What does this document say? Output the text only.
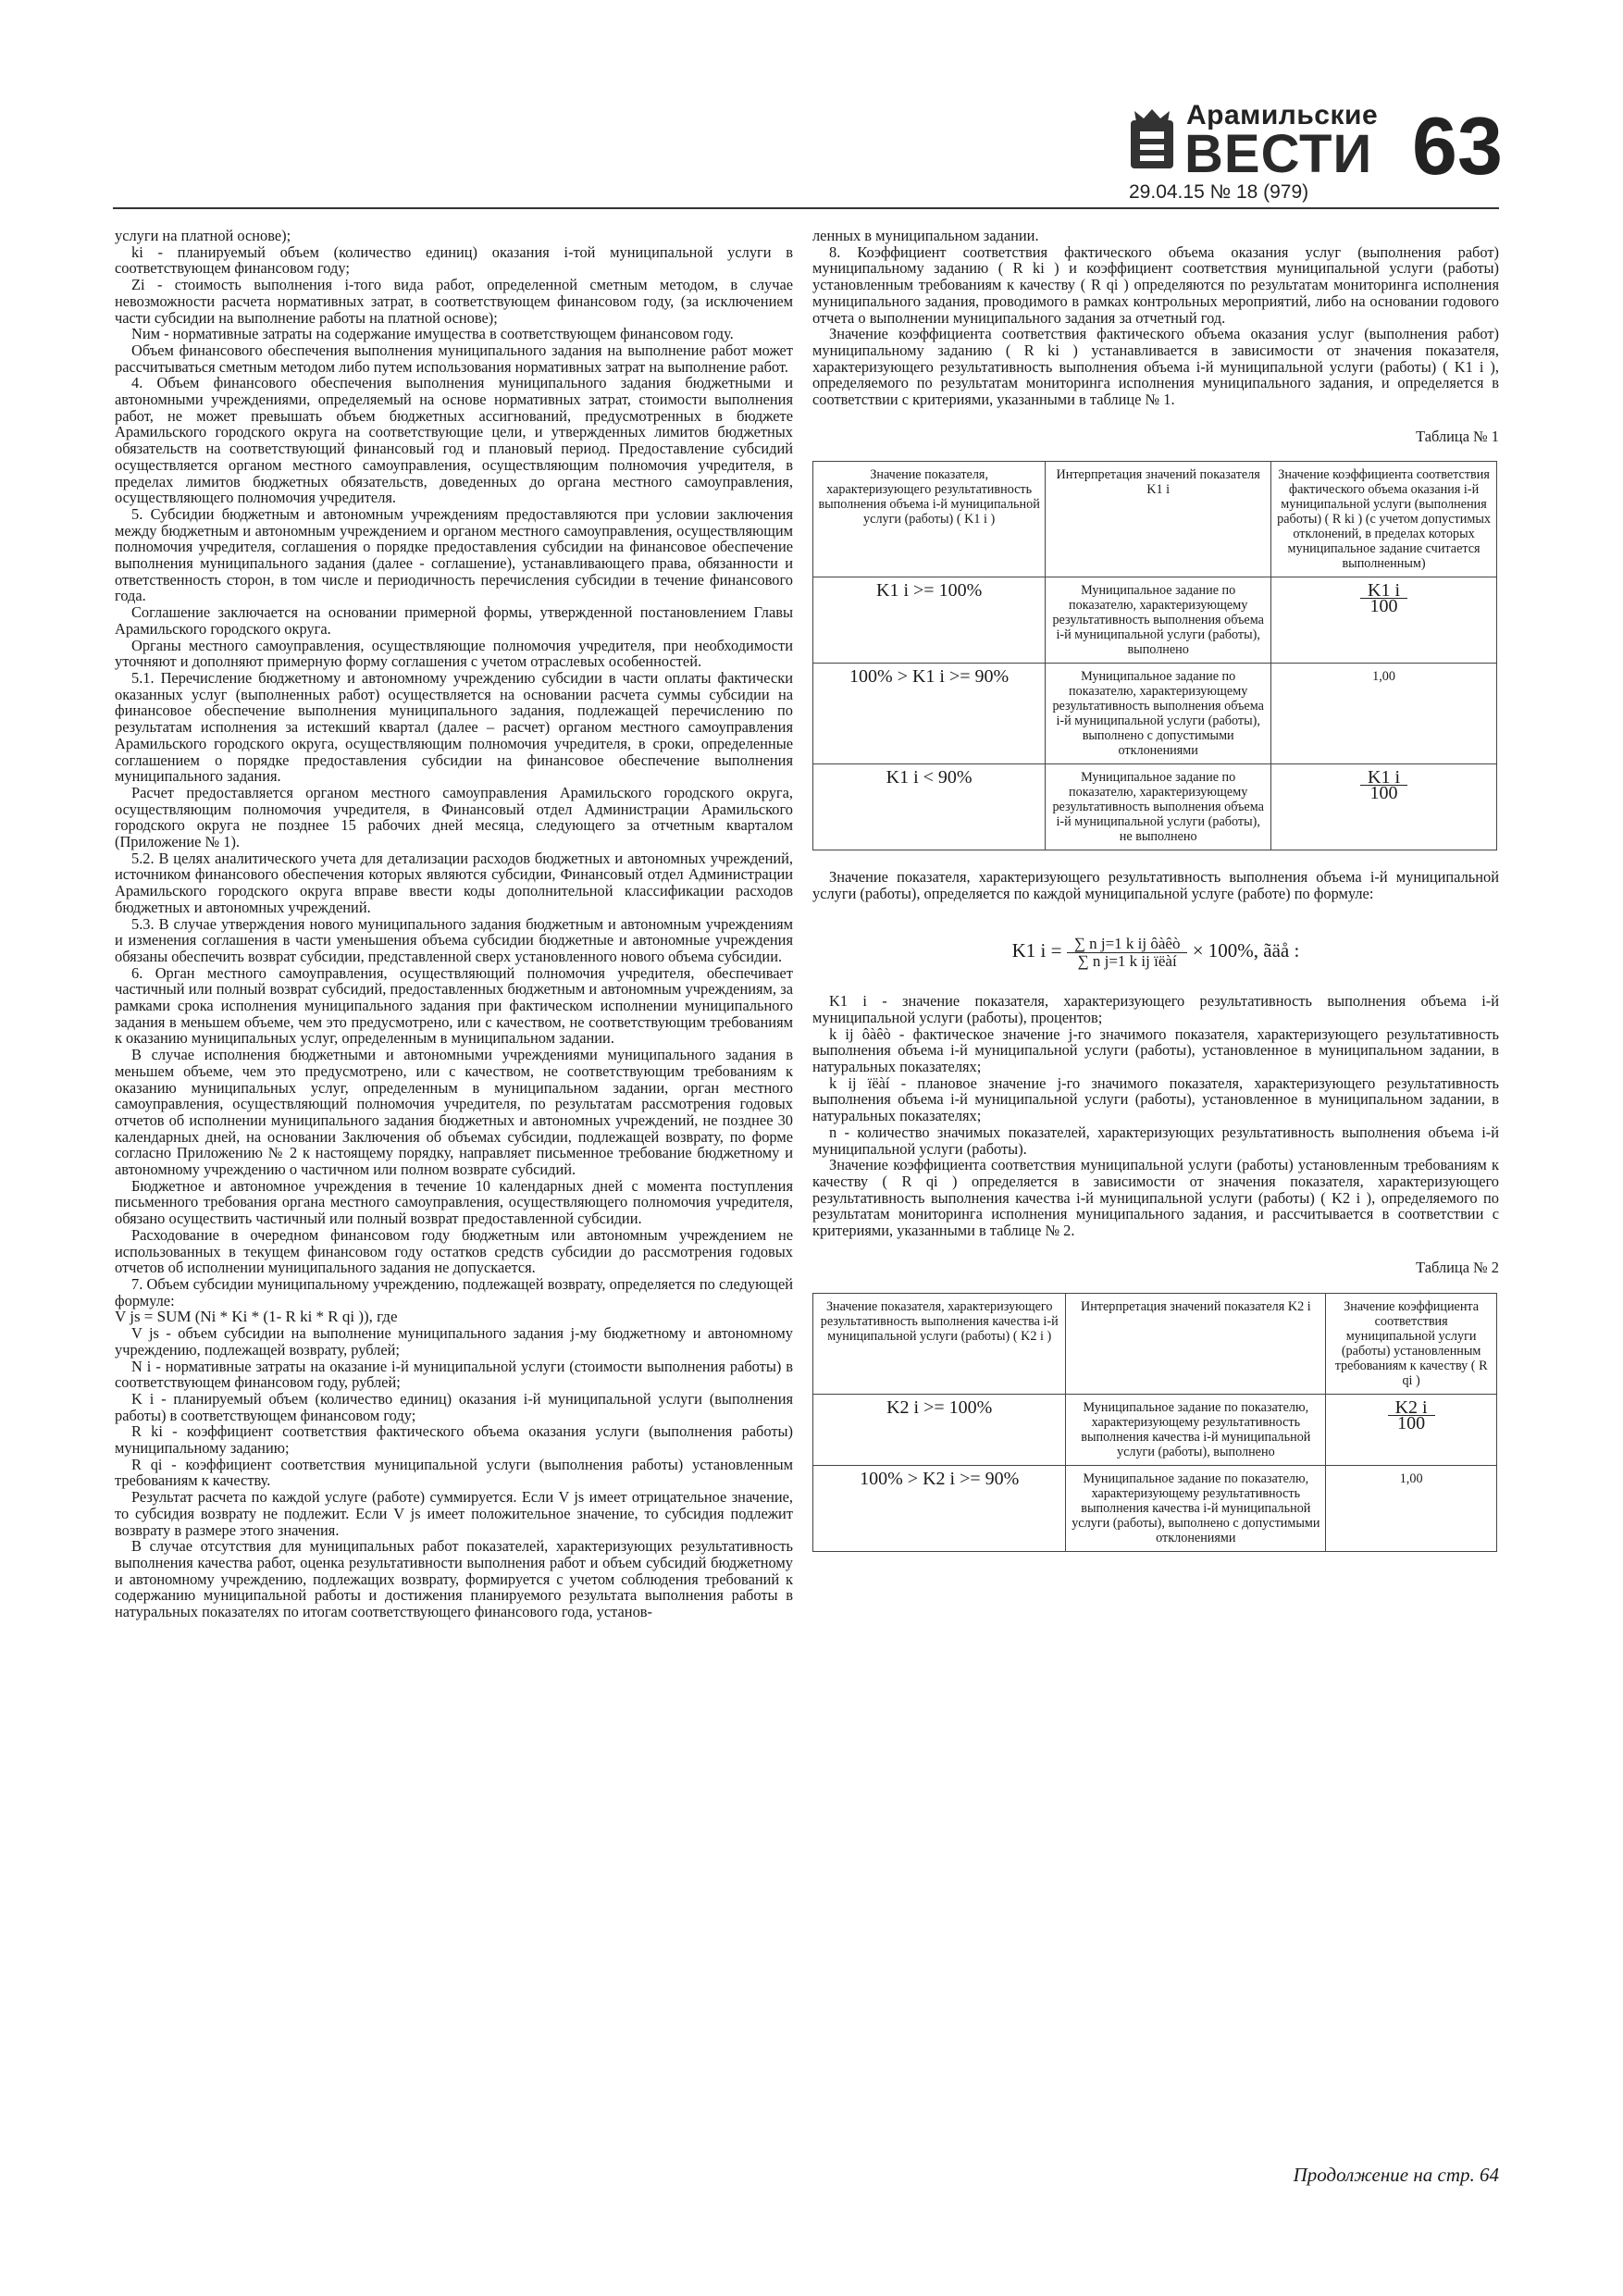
Арамильские
ВЕСТИ 63
29.04.15 № 18 (979)

услуги на платной основе);

ki - планируемый объем (количество единиц) оказания i-той муниципальной услуги в соответствующем финансовом году;

Zi - стоимость выполнения i-того вида работ, определенной сметным методом, в случае невозможности расчета нормативных затрат, в соответствующем финансовом году, (за исключением части субсидии на выполнение работы на платной основе);

Nим - нормативные затраты на содержание имущества в соответствующем финансовом году.

Объем финансового обеспечения выполнения муниципального задания на выполнение работ может рассчитываться сметным методом либо путем использования нормативных затрат на выполнение работ.

4. Объем финансового обеспечения выполнения муниципального задания бюджетными и автономными учреждениями, определяемый на основе нормативных затрат, стоимости выполнения работ, не может превышать объем бюджетных ассигнований, предусмотренных в бюджете Арамильского городского округа на соответствующие цели, и утвержденных лимитов бюджетных обязательств на соответствующий финансовый год и плановый период. Предоставление субсидий осуществляется органом местного самоуправления, осуществляющим полномочия учредителя, в пределах лимитов бюджетных обязательств, доведенных до органа местного самоуправления, осуществляющего полномочия учредителя.

5. Субсидии бюджетным и автономным учреждениям предоставляются при условии заключения между бюджетным и автономным учреждением и органом местного самоуправления, осуществляющим полномочия учредителя, соглашения о порядке предоставления субсидии на финансовое обеспечение выполнения муниципального задания (далее - соглашение), устанавливающего права, обязанности и ответственность сторон, в том числе и периодичность перечисления субсидии в течение финансового года.

Соглашение заключается на основании примерной формы, утвержденной постановлением Главы Арамильского городского округа.

Органы местного самоуправления, осуществляющие полномочия учредителя, при необходимости уточняют и дополняют примерную форму соглашения с учетом отраслевых особенностей.

5.1. Перечисление бюджетному и автономному учреждению субсидии в части оплаты фактически оказанных услуг (выполненных работ) осуществляется на основании расчета суммы субсидии на финансовое обеспечение выполнения муниципального задания, подлежащей перечислению по результатам исполнения за истекший квартал (далее – расчет) органом местного самоуправления Арамильского городского округа, осуществляющим полномочия учредителя, в сроки, определенные соглашением о порядке предоставления субсидии на финансовое обеспечение выполнения муниципального задания.

Расчет предоставляется органом местного самоуправления Арамильского городского округа, осуществляющим полномочия учредителя, в Финансовый отдел Администрации Арамильского городского округа не позднее 15 рабочих дней месяца, следующего за отчетным кварталом (Приложение № 1).

5.2. В целях аналитического учета для детализации расходов бюджетных и автономных учреждений, источником финансового обеспечения которых являются субсидии, Финансовый отдел Администрации Арамильского городского округа вправе ввести коды дополнительной классификации расходов бюджетных и автономных учреждений.

5.3. В случае утверждения нового муниципального задания бюджетным и автономным учреждениям и изменения соглашения в части уменьшения объема субсидии бюджетные и автономные учреждения обязаны обеспечить возврат субсидии, представленной сверх установленного нового объема субсидии.

6. Орган местного самоуправления, осуществляющий полномочия учредителя, обеспечивает частичный или полный возврат субсидий, предоставленных бюджетным и автономным учреждениям, за рамками срока исполнения муниципального задания при фактическом исполнении муниципального задания в меньшем объеме, чем это предусмотрено, или с качеством, не соответствующим требованиям к оказанию муниципальных услуг, определенным в муниципальном задании.

В случае исполнения бюджетными и автономными учреждениями муниципального задания в меньшем объеме, чем это предусмотрено, или с качеством, не соответствующим требованиям к оказанию муниципальных услуг, определенным в муниципальном задании, орган местного самоуправления, осуществляющий полномочия учредителя, по результатам рассмотрения годовых отчетов об исполнении муниципального задания бюджетных и автономных учреждений, не позднее 30 календарных дней, на основании Заключения об объемах субсидии, подлежащей возврату, по форме согласно Приложению № 2 к настоящему порядку, направляет письменное требование бюджетному и автономному учреждению о частичном или полном возврате субсидий.

Бюджетное и автономное учреждения в течение 10 календарных дней с момента поступления письменного требования органа местного самоуправления, осуществляющего полномочия учредителя, обязано осуществить частичный или полный возврат предоставленной субсидии.

Расходование в очередном финансовом году бюджетным или автономным учреждением не использованных в текущем финансовом году остатков средств субсидии до рассмотрения годовых отчетов об исполнении муниципального задания не допускается.

7. Объем субсидии муниципальному учреждению, подлежащей возврату, определяется по следующей формуле:

V js = SUM (Ni * Ki * (1- R ki * R qi )), где

V js - объем субсидии на выполнение муниципального задания j-му бюджетному и автономному учреждению, подлежащей возврату, рублей;

N i - нормативные затраты на оказание i-й муниципальной услуги (стоимости выполнения работы) в соответствующем финансовом году, рублей;

K i - планируемый объем (количество единиц) оказания i-й муниципальной услуги (выполнения работы) в соответствующем финансовом году;

R ki - коэффициент соответствия фактического объема оказания услуги (выполнения работы) муниципальному заданию;

R qi - коэффициент соответствия муниципальной услуги (выполнения работы) установленным требованиям к качеству.

Результат расчета по каждой услуге (работе) суммируется. Если V js имеет отрицательное значение, то субсидия возврату не подлежит. Если V js имеет положительное значение, то субсидия подлежит возврату в размере этого значения.

В случае отсутствия для муниципальных работ показателей, характеризующих результативность выполнения качества работ, оценка результативности выполнения работ и объем субсидий бюджетному и автономному учреждению, подлежащих возврату, формируется с учетом соблюдения требований к содержанию муниципальной работы и достижения планируемого результата выполнения работы в натуральных показателях по итогам соответствующего финансового года, установ-

ленных в муниципальном задании.

8. Коэффициент соответствия фактического объема оказания услуг (выполнения работ) муниципальному заданию ( R ki ) и коэффициент соответствия муниципальной услуги (работы) установленным требованиям к качеству ( R qi ) определяются по результатам мониторинга исполнения муниципального задания, проводимого в рамках контрольных мероприятий, либо на основании годового отчета о выполнении муниципального задания за отчетный год.

Значение коэффициента соответствия фактического объема оказания услуг (выполнения работ) муниципальному заданию ( R ki ) устанавливается в зависимости от значения показателя, характеризующего результативность выполнения объема i-й муниципальной услуги (работы) ( K1 i ), определяемого по результатам мониторинга исполнения муниципального задания, и определяется в соответствии с критериями, указанными в таблице № 1.

Таблица № 1
Значение показателя, характеризующего результативность выполнения объема i-й муниципальной услуги (работы) ( K1 i )	Интерпретация значений показателя K1 i	Значение коэффициента соответствия фактического объема оказания i-й муниципальной услуги (выполнения работы) ( R ki ) (с учетом допустимых отклонений, в пределах которых муниципальное задание считается выполненным)
K1 i >= 100%	Муниципальное задание по показателю, характеризующему результативность выполнения объема i-й муниципальной услуги (работы), выполнено	$\frac{K1 i}{100}$

100% > K1 i >= 90%	Муниципальное задание по показателю, характеризующему результативность выполнения объема i-й муниципальной услуги (работы), выполнено с допустимыми отклонениями	1,00
K1 i < 90%	Муниципальное задание по показателю, характеризующему результативность выполнения объема i-й муниципальной услуги (работы), не выполнено	$\frac{K1 i}{100}$

Значение показателя, характеризующего результативность выполнения объема i-й муниципальной услуги (работы), определяется по каждой муниципальной услуге (работе) по формуле:

K1 $i = \frac{\text{∑ n j=1 k ij ôàêò}}{\text{∑ n j=1 k ij ïëàí}} \times 100\%$, ãäå :

K1 i - значение показателя, характеризующего результативность выполнения объема i-й муниципальной услуги (работы), процентов;

k ij ôàêò - фактическое значение j-го значимого показателя, характеризующего результативность выполнения объема i-й муниципальной услуги (работы), установленное в муниципальном задании, в натуральных показателях;

k ij ïëàí - плановое значение j-го значимого показателя, характеризующего результативность выполнения объема i-й муниципальной услуги (работы), установленное в муниципальном задании, в натуральных показателях;

n - количество значимых показателей, характеризующих результативность выполнения объема i-й муниципальной услуги (работы).

Значение коэффициента соответствия муниципальной услуги (работы) установленным требованиям к качеству ( R qi ) определяется в зависимости от значения показателя, характеризующего результативность выполнения качества i-й муниципальной услуги (работы) ( K2 i ), определяемого по результатам мониторинга исполнения муниципального задания, и рассчитывается в соответствии с критериями, указанными в таблице № 2.

Таблица № 2
Значение показателя, характеризующего результативность выполнения качества i-й муниципальной услуги (работы) ( K2 i )	Интерпретация значений показателя K2 i	Значение коэффициента соответствия муниципальной услуги (работы) установленным требованиям к качеству ( R qi )
K2 i >= 100%	Муниципальное задание по показателю, характеризующему результативность выполнения качества i-й муниципальной услуги (работы), выполнено	$\frac{K2 i}{100}$

100% > K2 i >= 90%	Муниципальное задание по показателю, характеризующему результативность выполнения качества i-й муниципальной услуги (работы), выполнено с допустимыми отклонениями	1,00
Продолжение на стр. 64
